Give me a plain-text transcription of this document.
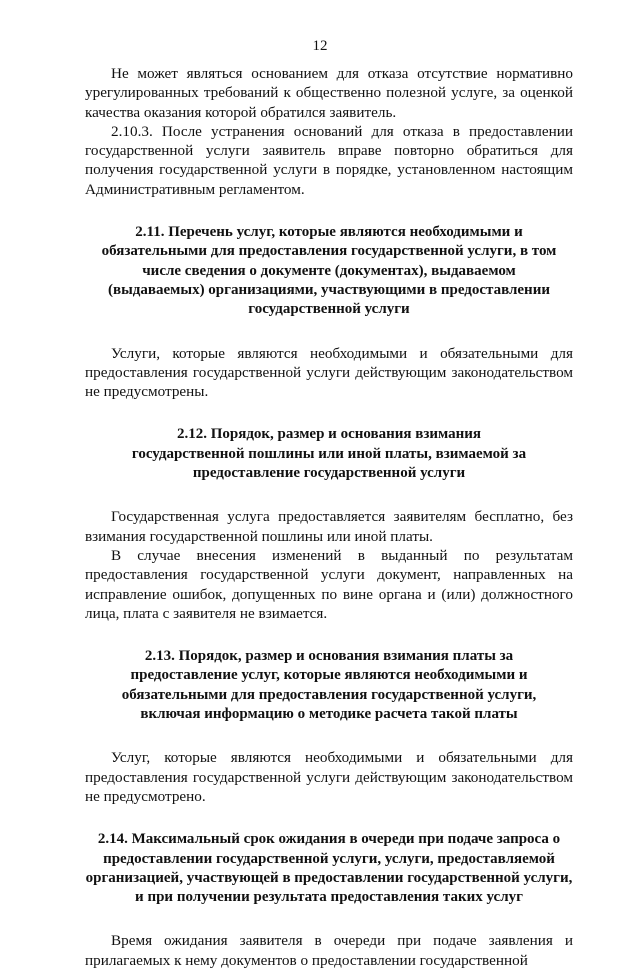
12

Не может являться основанием для отказа отсутствие нормативно урегулированных требований к общественно полезной услуге, за оценкой качества оказания которой обратился заявитель.

2.10.3. После устранения оснований для отказа в предоставлении государственной услуги заявитель вправе повторно обратиться для получения государственной услуги в порядке, установленном настоящим Административным регламентом.

2.11. Перечень услуг, которые являются необходимыми и обязательными для предоставления государственной услуги, в том числе сведения о документе (документах), выдаваемом (выдаваемых) организациями, участвующими в предоставлении государственной услуги

Услуги, которые являются необходимыми и обязательными для предоставления государственной услуги действующим законодательством не предусмотрены.

2.12. Порядок, размер и основания взимания государственной пошлины или иной платы, взимаемой за предоставление государственной услуги

Государственная услуга предоставляется заявителям бесплатно, без взимания государственной пошлины или иной платы.

В случае внесения изменений в выданный по результатам предоставления государственной услуги документ, направленных на исправление ошибок, допущенных по вине органа и (или) должностного лица, плата с заявителя не взимается.

2.13. Порядок, размер и основания взимания платы за предоставление услуг, которые являются необходимыми и обязательными для предоставления государственной услуги, включая информацию о методике расчета такой платы

Услуг, которые являются необходимыми и обязательными для предоставления государственной услуги действующим законодательством не предусмотрено.

2.14. Максимальный срок ожидания в очереди при подаче запроса о предоставлении государственной услуги, услуги, предоставляемой организацией, участвующей в предоставлении государственной услуги, и при получении результата предоставления таких услуг

Время ожидания заявителя в очереди при подаче заявления и прилагаемых к нему документов о предоставлении государственной
